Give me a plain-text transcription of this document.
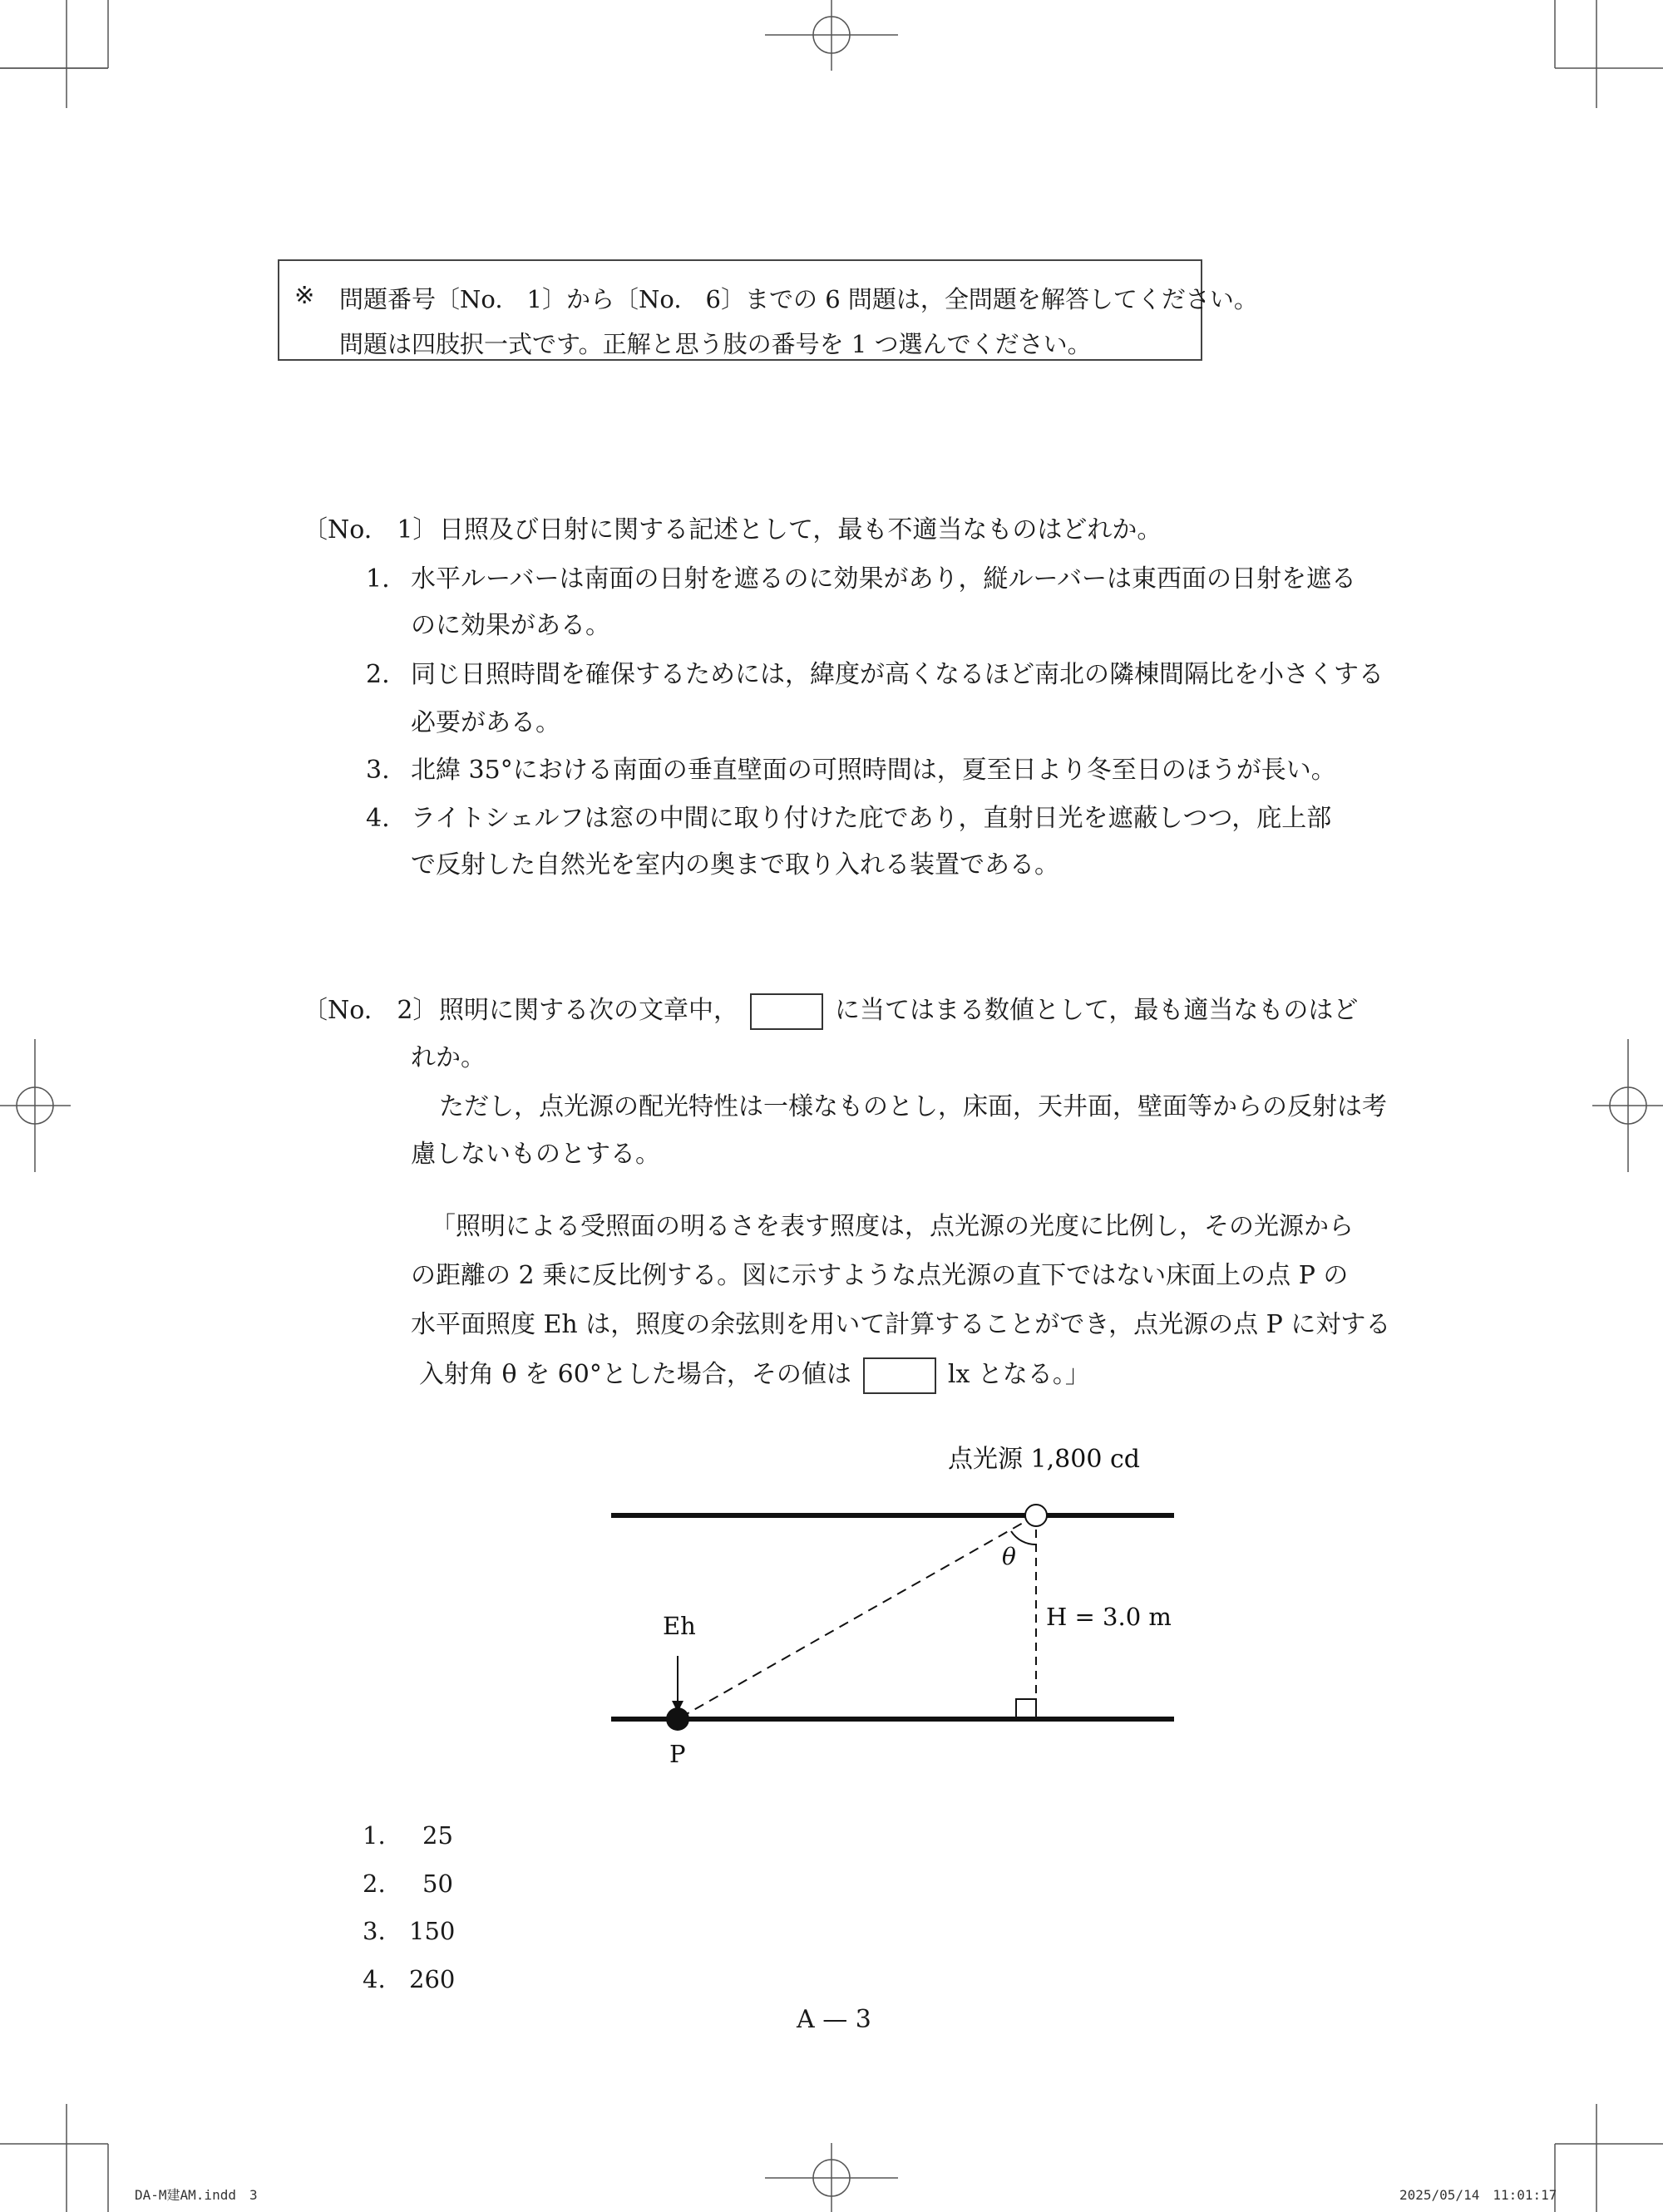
※ 問題番号〔No.　1〕から〔No.　6〕までの 6 問題は，全問題を解答してください。
問題は四肢択一式です。正解と思う肢の番号を 1 つ選んでください。
〔No.　1〕 日照及び日射に関する記述として，最も不適当なものはどれか。
1. 水平ルーバーは南面の日射を遮るのに効果があり，縦ルーバーは東西面の日射を遮る
のに効果がある。
2. 同じ日照時間を確保するためには，緯度が高くなるほど南北の隣棟間隔比を小さくする
必要がある。
3. 北緯 35°における南面の垂直壁面の可照時間は，夏至日より冬至日のほうが長い。
4. ライトシェルフは窓の中間に取り付けた庇であり，直射日光を遮蔽しつつ，庇上部
で反射した自然光を室内の奥まで取り入れる装置である。
〔No.　2〕 照明に関する次の文章中，	に当てはまる数値として，最も適当なものはど
れか。
ただし，点光源の配光特性は一様なものとし，床面，天井面，壁面等からの反射は考
慮しないものとする。
「照明による受照面の明るさを表す照度は，点光源の光度に比例し，その光源から
の距離の 2 乗に反比例する。図に示すような点光源の直下ではない床面上の点 P の
水平面照度 Eh は，照度の余弦則を用いて計算することができ，点光源の点 P に対する
入射角 θ を 60°とした場合，その値は	lx となる。」
点光源 1,800 cd
θ
H = 3.0 m
Eh
P
1. 25
2. 50
3. 150
4. 260
A — 3
DA-M建AM.indd　3	2025/05/14　11:01:17
